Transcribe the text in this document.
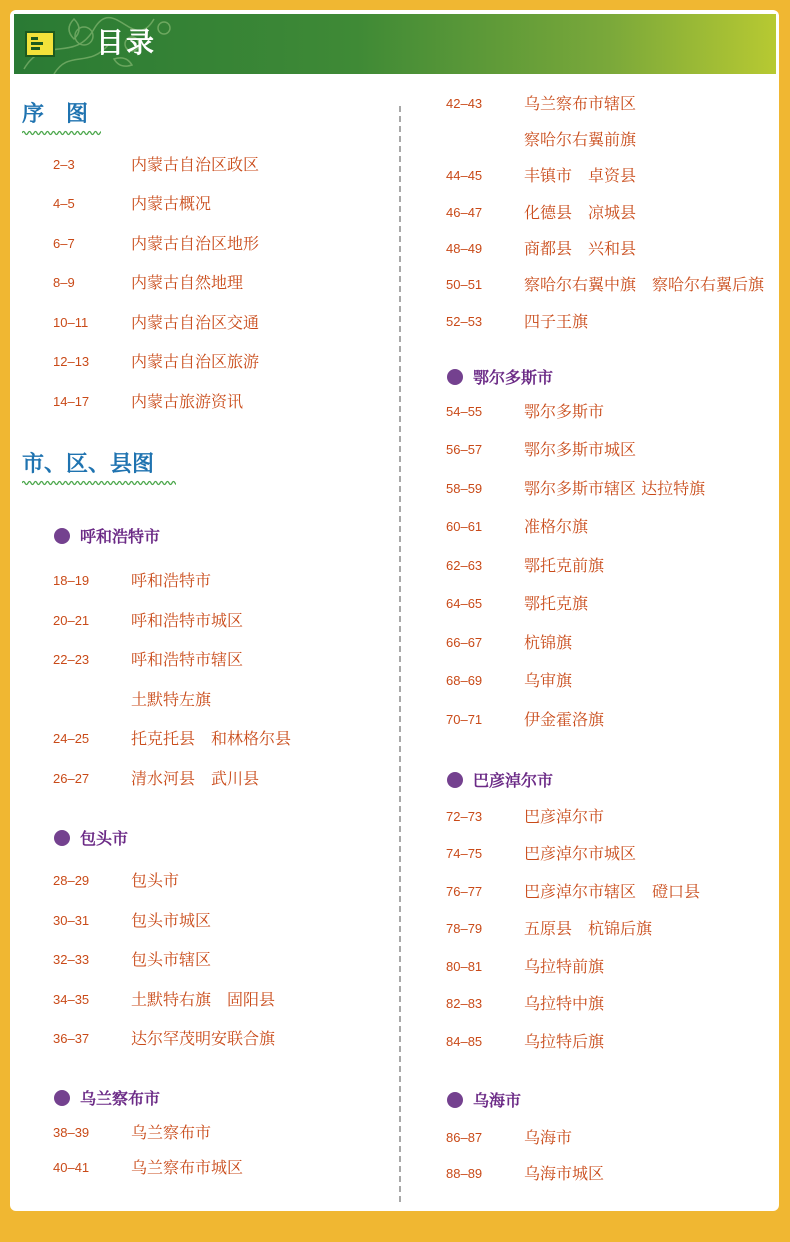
目录
序　图
2–3	内蒙古自治区政区
4–5	内蒙古概况
6–7	内蒙古自治区地形
8–9	内蒙古自然地理
10–11	内蒙古自治区交通
12–13	内蒙古自治区旅游
14–17	内蒙古旅游资讯
市、区、县图
呼和浩特市
18–19	呼和浩特市
20–21	呼和浩特市城区
22–23	呼和浩特市辖区
土默特左旗
24–25	托克托县　和林格尔县
26–27	清水河县　武川县
包头市
28–29	包头市
30–31	包头市城区
32–33	包头市辖区
34–35	土默特右旗　固阳县
36–37	达尔罕茂明安联合旗
乌兰察布市
38–39	乌兰察布市
40–41	乌兰察布市城区
42–43	乌兰察布市辖区
察哈尔右翼前旗
44–45	丰镇市　卓资县
46–47	化德县　凉城县
48–49	商都县　兴和县
50–51	察哈尔右翼中旗　察哈尔右翼后旗
52–53	四子王旗
鄂尔多斯市
54–55	鄂尔多斯市
56–57	鄂尔多斯市城区
58–59	鄂尔多斯市辖区 达拉特旗
60–61	准格尔旗
62–63	鄂托克前旗
64–65	鄂托克旗
66–67	杭锦旗
68–69	乌审旗
70–71	伊金霍洛旗
巴彦淖尔市
72–73	巴彦淖尔市
74–75	巴彦淖尔市城区
76–77	巴彦淖尔市辖区　磴口县
78–79	五原县　杭锦后旗
80–81	乌拉特前旗
82–83	乌拉特中旗
84–85	乌拉特后旗
乌海市
86–87	乌海市
88–89	乌海市城区
